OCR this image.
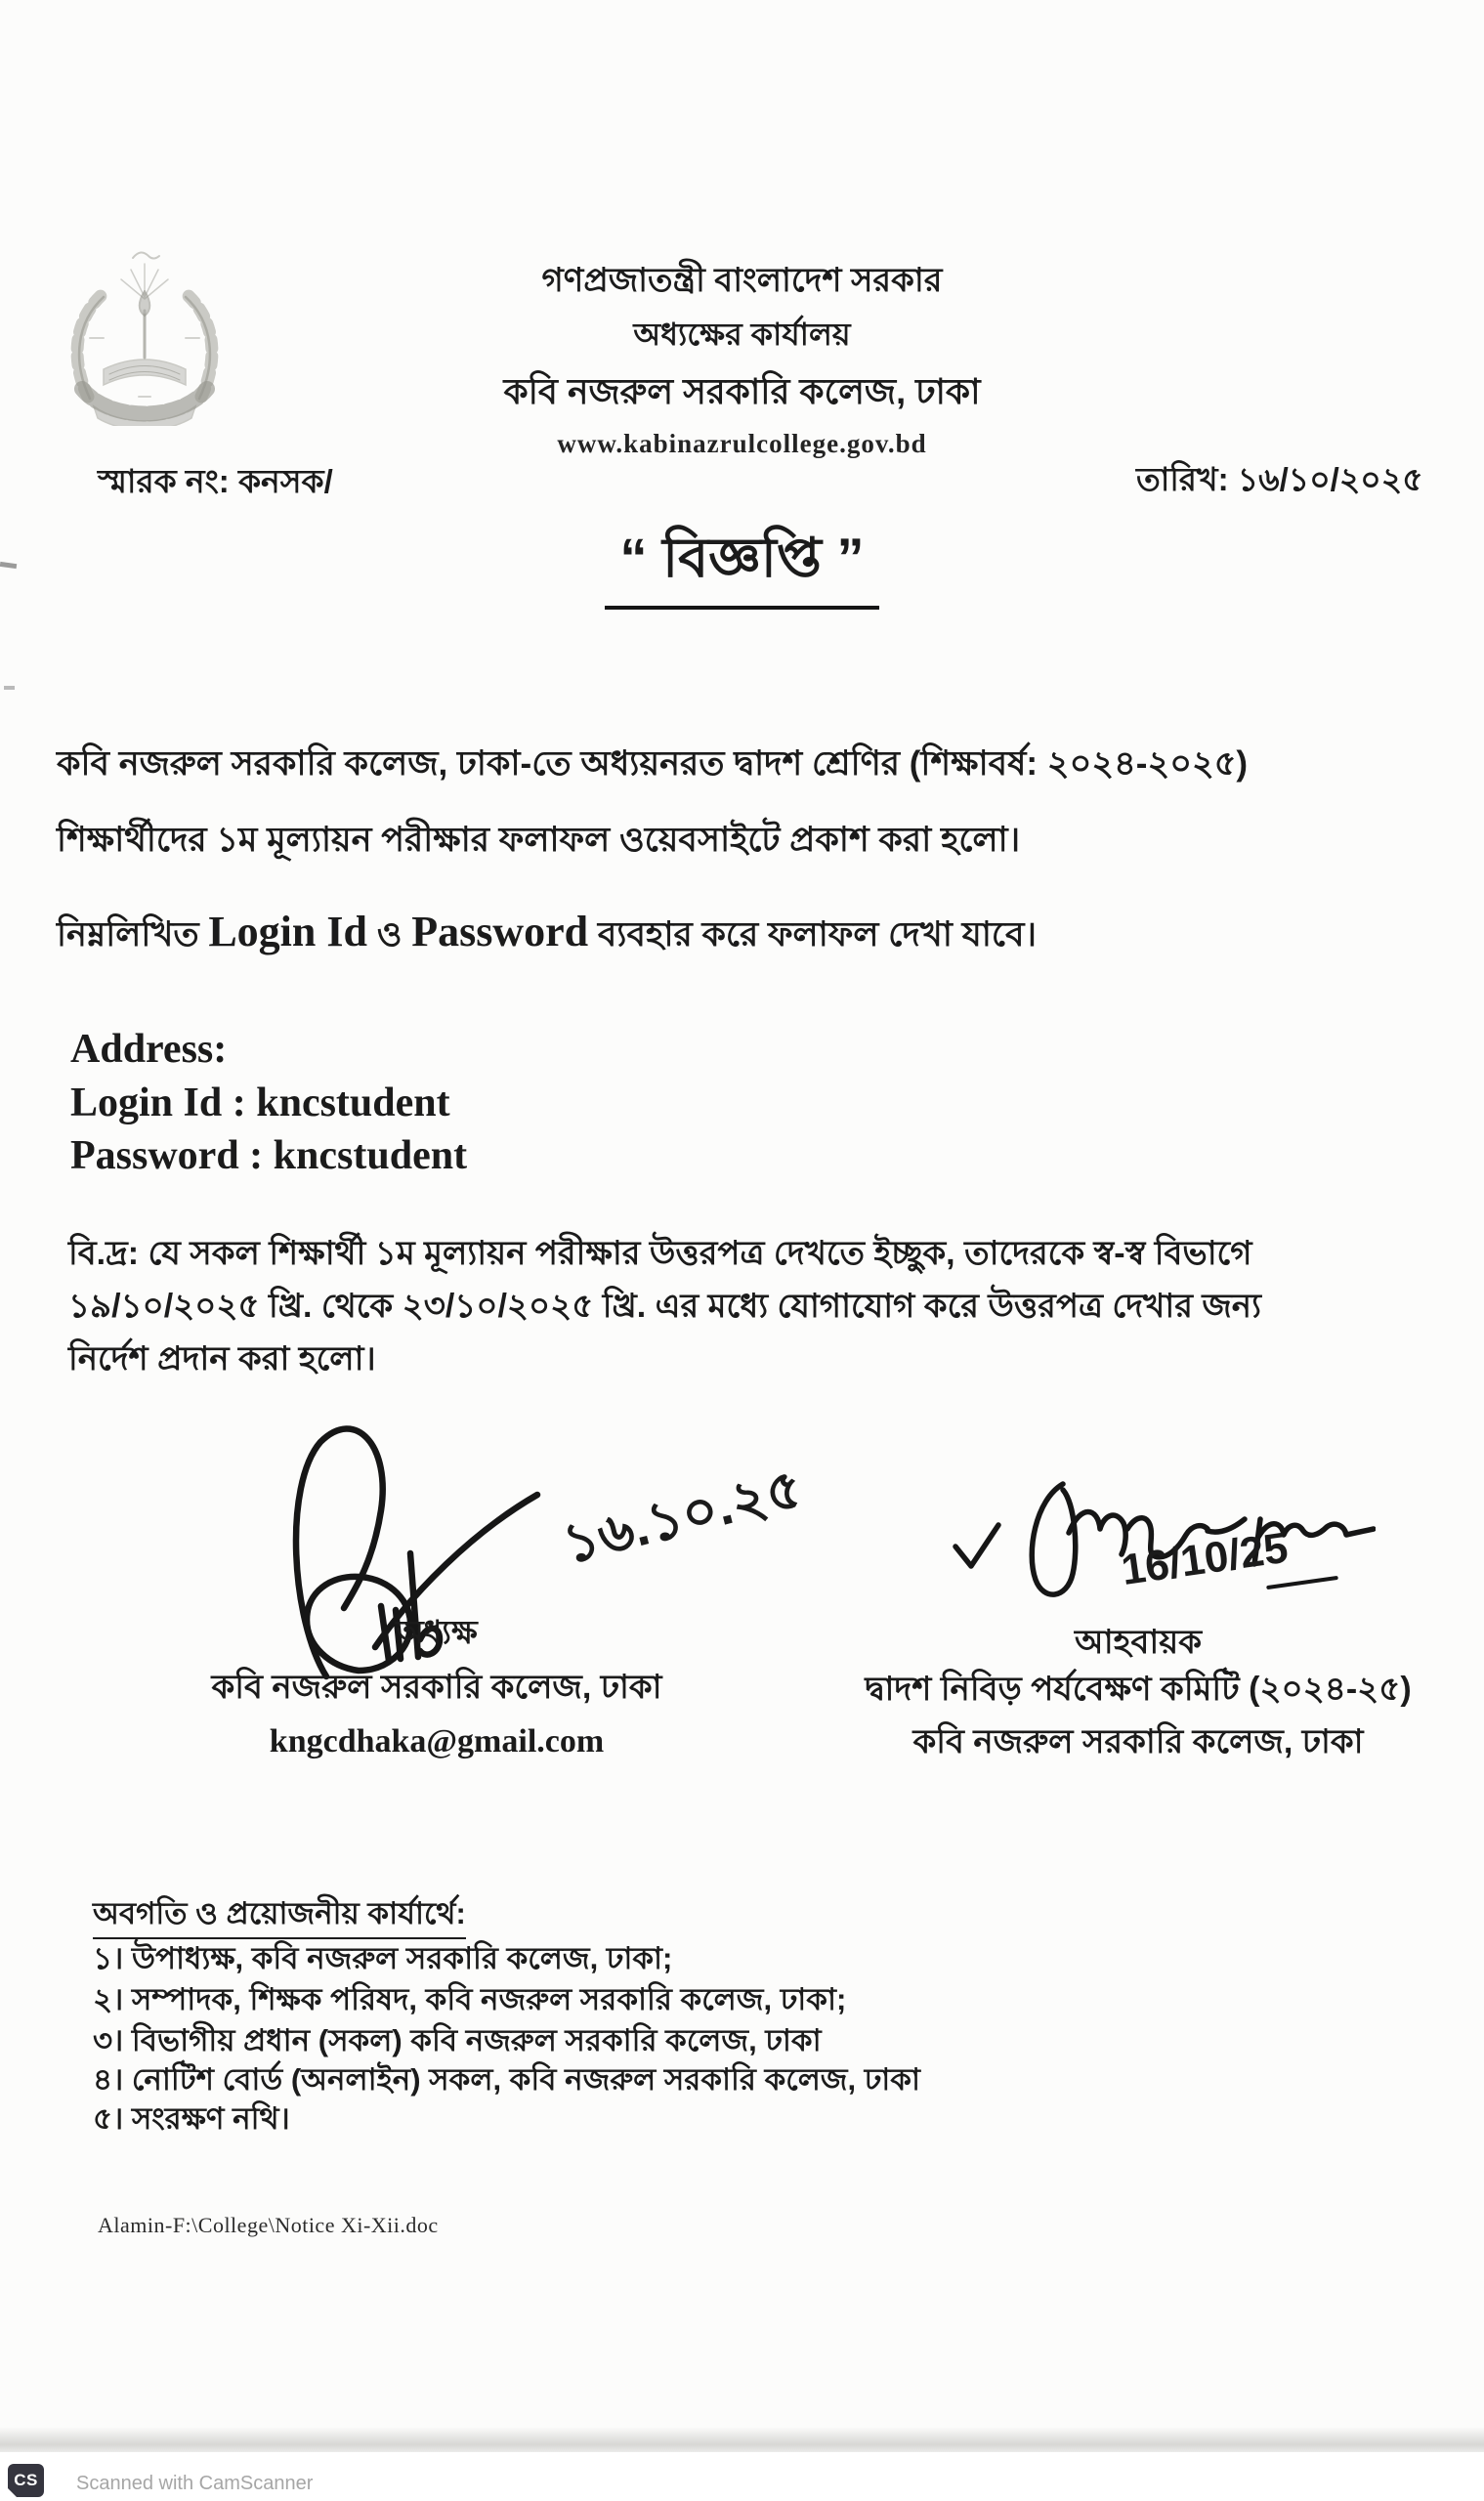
গণপ্রজাতন্ত্রী বাংলাদেশ সরকার
অধ্যক্ষের কার্যালয়
কবি নজরুল সরকারি কলেজ, ঢাকা
www.kabinazrulcollege.gov.bd
স্মারক নং: কনসক/	তারিখ: ১৬/১০/২০২৫
“ বিজ্ঞপ্তি ”
কবি নজরুল সরকারি কলেজ, ঢাকা-তে অধ্যয়নরত দ্বাদশ শ্রেণির (শিক্ষাবর্ষ: ২০২৪-২০২৫)
শিক্ষার্থীদের ১ম মূল্যায়ন পরীক্ষার ফলাফল ওয়েবসাইটে প্রকাশ করা হলো।
নিম্নলিখিত Login Id ও Password ব্যবহার করে ফলাফল দেখা যাবে।
Address:
Login Id : kncstudent
Password : kncstudent
বি.দ্র: যে সকল শিক্ষার্থী ১ম মূল্যায়ন পরীক্ষার উত্তরপত্র দেখতে ইচ্ছুক, তাদেরকে স্ব-স্ব বিভাগে
১৯/১০/২০২৫ খ্রি. থেকে ২৩/১০/২০২৫ খ্রি. এর মধ্যে যোগাযোগ করে উত্তরপত্র দেখার জন্য
নির্দেশ প্রদান করা হলো।
১৬.১০.২৫
অধ্যক্ষ
কবি নজরুল সরকারি কলেজ, ঢাকা
kngcdhaka@gmail.com
16/10/25
আহবায়ক
দ্বাদশ নিবিড় পর্যবেক্ষণ কমিটি (২০২৪-২৫)
কবি নজরুল সরকারি কলেজ, ঢাকা
অবগতি ও প্রয়োজনীয় কার্যার্থে:
১। উপাধ্যক্ষ, কবি নজরুল সরকারি কলেজ, ঢাকা;
২। সম্পাদক, শিক্ষক পরিষদ, কবি নজরুল সরকারি কলেজ, ঢাকা;
৩। বিভাগীয় প্রধান (সকল) কবি নজরুল সরকারি কলেজ, ঢাকা
৪। নোটিশ বোর্ড (অনলাইন) সকল, কবি নজরুল সরকারি কলেজ, ঢাকা
৫। সংরক্ষণ নথি।
Alamin-F:\College\Notice Xi-Xii.doc
CS	Scanned with CamScanner
